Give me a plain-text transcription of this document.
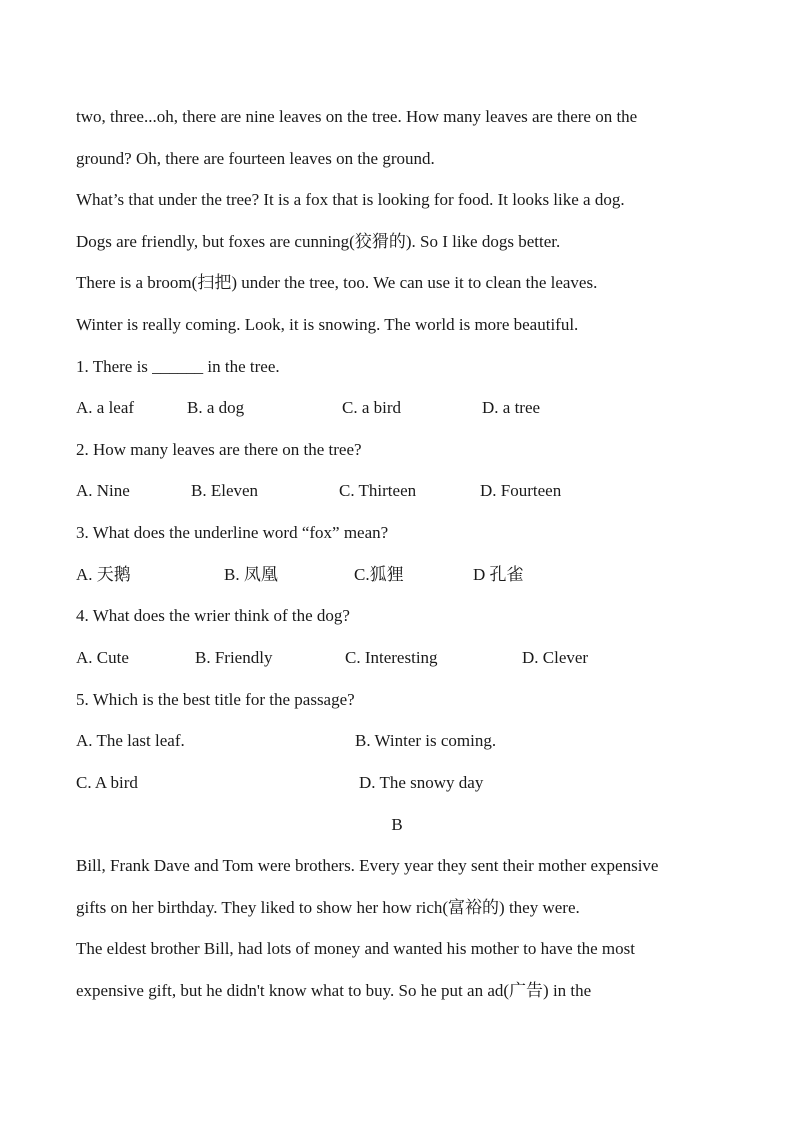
two, three...oh, there are nine leaves on the tree. How many leaves are there on the
ground? Oh, there are fourteen leaves on the ground.
What’s that under the tree? It is a fox that is looking for food. It looks like a dog.
Dogs are friendly, but foxes are cunning(狡猾的). So I like dogs better.
There is a broom(扫把) under the tree, too. We can use it to clean the leaves.
Winter is really coming. Look, it is snowing. The world is more beautiful.
1. There is ______ in the tree.
A. a leaf	B. a dog	C. a bird	D. a tree
2. How many leaves are there on the tree?
A. Nine	B. Eleven	C. Thirteen	D. Fourteen
3. What does the underline word “fox” mean?
A. 天鹅	B. 凤凰	C.狐狸	D 孔雀
4. What does the wrier think of the dog?
A. Cute	B. Friendly	C. Interesting	D. Clever
5. Which is the best title for the passage?
A. The last leaf.	B. Winter is coming.
C. A bird	D. The snowy day
B
Bill, Frank Dave and Tom were brothers. Every year they sent their mother expensive
gifts on her birthday. They liked to show her how rich(富裕的) they were.
The eldest brother Bill, had lots of money and wanted his mother to have the most
expensive gift, but he didn't know what to buy. So he put an ad(广告) in the
